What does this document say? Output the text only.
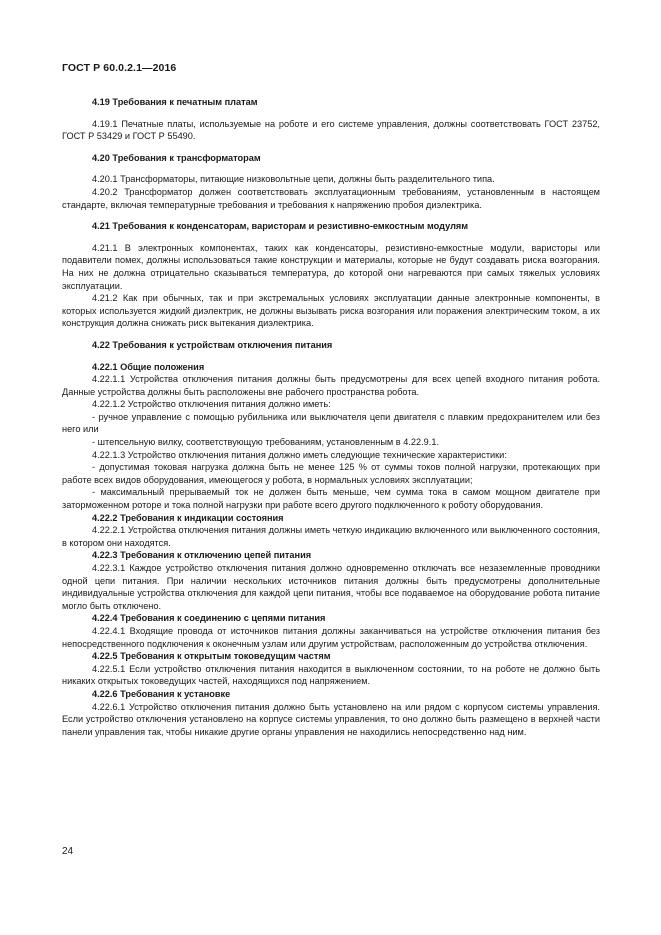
ГОСТ Р 60.0.2.1—2016
4.19 Требования к печатным платам
4.19.1 Печатные платы, используемые на роботе и его системе управления, должны соответствовать ГОСТ 23752, ГОСТ Р 53429 и ГОСТ Р 55490.
4.20 Требования к трансформаторам
4.20.1 Трансформаторы, питающие низковольтные цепи, должны быть разделительного типа.
4.20.2 Трансформатор должен соответствовать эксплуатационным требованиям, установленным в настоящем стандарте, включая температурные требования и требования к напряжению пробоя диэлектрика.
4.21 Требования к конденсаторам, варисторам и резистивно-емкостным модулям
4.21.1 В электронных компонентах, таких как конденсаторы, резистивно-емкостные модули, варисторы или подавители помех, должны использоваться такие конструкции и материалы, которые не будут создавать риска возгорания. На них не должна отрицательно сказываться температура, до которой они нагреваются при самых тяжелых условиях эксплуатации.
4.21.2 Как при обычных, так и при экстремальных условиях эксплуатации данные электронные компоненты, в которых используется жидкий диэлектрик, не должны вызывать риска возгорания или поражения электрическим током, а их конструкция должна снижать риск вытекания диэлектрика.
4.22 Требования к устройствам отключения питания
4.22.1 Общие положения
4.22.1.1 Устройства отключения питания должны быть предусмотрены для всех цепей входного питания робота. Данные устройства должны быть расположены вне рабочего пространства робота.
4.22.1.2 Устройство отключения питания должно иметь:
- ручное управление с помощью рубильника или выключателя цепи двигателя с плавким предохранителем или без него или
- штепсельную вилку, соответствующую требованиям, установленным в 4.22.9.1.
4.22.1.3 Устройство отключения питания должно иметь следующие технические характеристики:
- допустимая токовая нагрузка должна быть не менее 125 % от суммы токов полной нагрузки, протекающих при работе всех видов оборудования, имеющегося у робота, в нормальных условиях эксплуатации;
- максимальный прерываемый ток не должен быть меньше, чем сумма тока в самом мощном двигателе при заторможенном роторе и тока полной нагрузки при работе всего другого подключенного к роботу оборудования.
4.22.2 Требования к индикации состояния
4.22.2.1 Устройства отключения питания должны иметь четкую индикацию включенного или выключенного состояния, в котором они находятся.
4.22.3 Требования к отключению цепей питания
4.22.3.1 Каждое устройство отключения питания должно одновременно отключать все незаземленные проводники одной цепи питания. При наличии нескольких источников питания должны быть предусмотрены дополнительные индивидуальные устройства отключения для каждой цепи питания, чтобы все подаваемое на оборудование робота питание могло быть отключено.
4.22.4 Требования к соединению с цепями питания
4.22.4.1 Входящие провода от источников питания должны заканчиваться на устройстве отключения питания без непосредственного подключения к оконечным узлам или другим устройствам, расположенным до устройства отключения.
4.22.5 Требования к открытым токоведущим частям
4.22.5.1 Если устройство отключения питания находится в выключенном состоянии, то на роботе не должно быть никаких открытых токоведущих частей, находящихся под напряжением.
4.22.6 Требования к установке
4.22.6.1 Устройство отключения питания должно быть установлено на или рядом с корпусом системы управления. Если устройство отключения установлено на корпусе системы управления, то оно должно быть размещено в верхней части панели управления так, чтобы никакие другие органы управления не находились непосредственно над ним.
24
